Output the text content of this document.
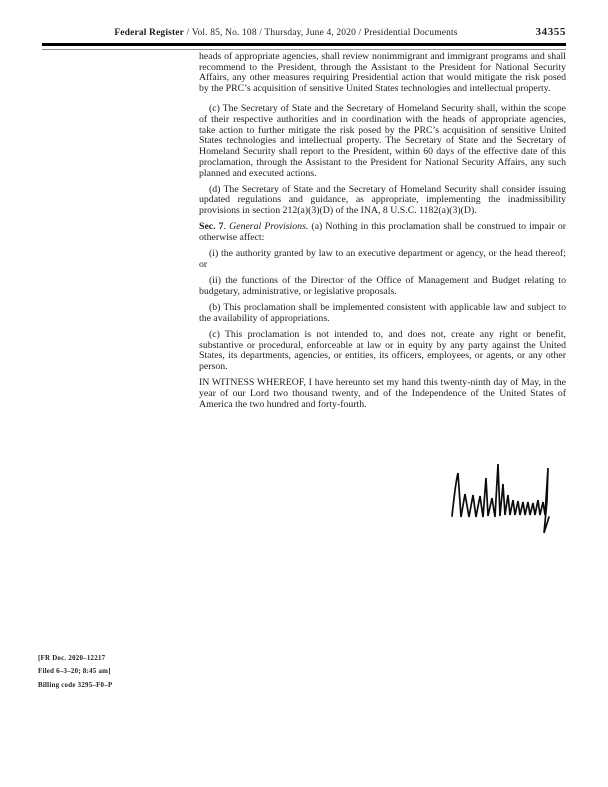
Federal Register / Vol. 85, No. 108 / Thursday, June 4, 2020 / Presidential Documents	34355

heads of appropriate agencies, shall review nonimmigrant and immigrant programs and shall recommend to the President, through the Assistant to the President for National Security Affairs, any other measures requiring Presidential action that would mitigate the risk posed by the PRC’s acquisition of sensitive United States technologies and intellectual property.

(c) The Secretary of State and the Secretary of Homeland Security shall, within the scope of their respective authorities and in coordination with the heads of appropriate agencies, take action to further mitigate the risk posed by the PRC’s acquisition of sensitive United States technologies and intellectual property. The Secretary of State and the Secretary of Homeland Security shall report to the President, within 60 days of the effective date of this proclamation, through the Assistant to the President for National Security Affairs, any such planned and executed actions.

(d) The Secretary of State and the Secretary of Homeland Security shall consider issuing updated regulations and guidance, as appropriate, implementing the inadmissibility provisions in section 212(a)(3)(D) of the INA, 8 U.S.C. 1182(a)(3)(D).

Sec. 7. General Provisions. (a) Nothing in this proclamation shall be construed to impair or otherwise affect:

(i) the authority granted by law to an executive department or agency, or the head thereof; or

(ii) the functions of the Director of the Office of Management and Budget relating to budgetary, administrative, or legislative proposals.

(b) This proclamation shall be implemented consistent with applicable law and subject to the availability of appropriations.

(c) This proclamation is not intended to, and does not, create any right or benefit, substantive or procedural, enforceable at law or in equity by any party against the United States, its departments, agencies, or entities, its officers, employees, or agents, or any other person.

IN WITNESS WHEREOF, I have hereunto set my hand this twenty-ninth day of May, in the year of our Lord two thousand twenty, and of the Independence of the United States of America the two hundred and forty-fourth.

[FR Doc. 2020–12217
Filed 6–3–20; 8:45 am]
Billing code 3295–F0–P
